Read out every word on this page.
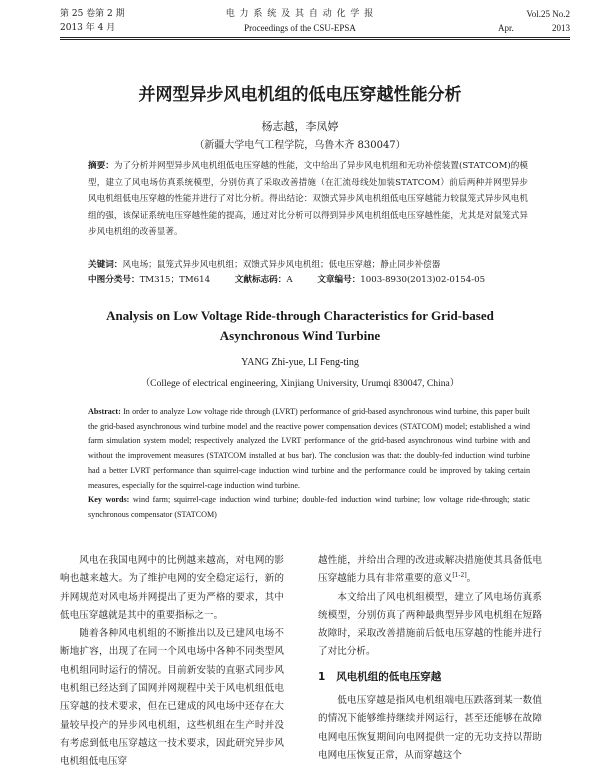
第 25 卷第 2 期
2013 年 4 月
电 力 系 统 及 其 自 动 化 学 报
Proceedings of the CSU-EPSA
Vol.25 No.2
Apr.	2013
并网型异步风电机组的低电压穿越性能分析
杨志越，李凤婷
（新疆大学电气工程学院，乌鲁木齐 830047）
摘要：为了分析并网型异步风电机组低电压穿越的性能，文中给出了异步风电机组和无功补偿装置(STATCOM)的模型，建立了风电场仿真系统模型，分别仿真了采取改善措施（在汇流母线处加装STATCOM）前后两种并网型异步风电机组低电压穿越的性能并进行了对比分析。得出结论：双馈式异步风电机组低电压穿越能力较鼠笼式异步风电机组的强，该保证系统电压穿越性能的提高，通过对比分析可以得到异步风电机组低电压穿越性能，尤其是对鼠笼式异步风电机组的改善显著。
关键词：风电场；鼠笼式异步风电机组；双馈式异步风电机组；低电压穿越；静止同步补偿器
中图分类号：TM315；TM614	文献标志码：A	文章编号：1003-8930(2013)02-0154-05
Analysis on Low Voltage Ride-through Characteristics for Grid-based
Asynchronous Wind Turbine
YANG Zhi-yue, LI Feng-ting
（College of electrical engineering, Xinjiang University, Urumqi 830047, China）
Abstract: In order to analyze Low voltage ride through (LVRT) performance of grid-based asynchronous wind turbine, this paper built the grid-based asynchronous wind turbine model and the reactive power compensation devices (STATCOM) model; established a wind farm simulation system model; respectively analyzed the LVRT performance of the grid-based asynchronous wind turbine with and without the improvement measures (STATCOM installed at bus bar). The conclusion was that: the doubly-fed induction wind turbine had a better LVRT performance than squirrel-cage induction wind turbine and the performance could be improved by taking certain measures, especially for the squirrel-cage induction wind turbine.
Key words: wind farm; squirrel-cage induction wind turbine; double-fed induction wind turbine; low voltage ride-through; static synchronous compensator (STATCOM)

风电在我国电网中的比例越来越高，对电网的影响也越来越大。为了维护电网的安全稳定运行，新的并网规范对风电场并网提出了更为严格的要求，其中低电压穿越就是其中的重要指标之一。

随着各种风电机组的不断推出以及已建风电场不断地扩容，出现了在同一个风电场中各种不同类型风电机组同时运行的情况。目前新安装的直驱式同步风电机组已经达到了国网并网规程中关于风电机组低电压穿越的技术要求，但在已建成的风电场中还存在大量较早投产的异步风电机组，这些机组在生产时并没有考虑到低电压穿越这一技术要求，因此研究异步风电机组低电压穿

越性能，并给出合理的改进或解决措施使其具备低电压穿越能力具有非常重要的意义[1-2]。

本文给出了风电机组模型，建立了风电场仿真系统模型，分别仿真了两种最典型异步风电机组在短路故障时，采取改善措施前后低电压穿越的性能并进行了对比分析。

1 风电机组的低电压穿越

低电压穿越是指风电机组端电压跌落到某一数值的情况下能够维持继续并网运行，甚至还能够在故障电网电压恢复期间向电网提供一定的无功支持以帮助电网电压恢复正常，从而穿越这个
